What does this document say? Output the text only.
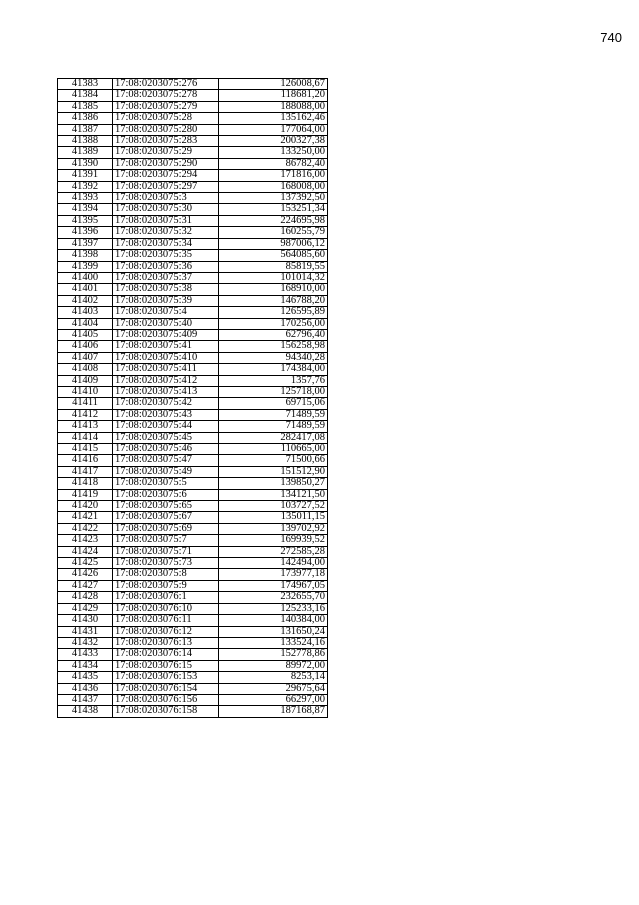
740
41383	17:08:0203075:276	126008,67
41384	17:08:0203075:278	118681,20
41385	17:08:0203075:279	188088,00
41386	17:08:0203075:28	135162,46
41387	17:08:0203075:280	177064,00
41388	17:08:0203075:283	200327,38
41389	17:08:0203075:29	133250,00
41390	17:08:0203075:290	86782,40
41391	17:08:0203075:294	171816,00
41392	17:08:0203075:297	168008,00
41393	17:08:0203075:3	137392,50
41394	17:08:0203075:30	153251,34
41395	17:08:0203075:31	224695,98
41396	17:08:0203075:32	160255,79
41397	17:08:0203075:34	987006,12
41398	17:08:0203075:35	564085,60
41399	17:08:0203075:36	85819,55
41400	17:08:0203075:37	101014,32
41401	17:08:0203075:38	168910,00
41402	17:08:0203075:39	146788,20
41403	17:08:0203075:4	126595,89
41404	17:08:0203075:40	170256,00
41405	17:08:0203075:409	62796,40
41406	17:08:0203075:41	156258,98
41407	17:08:0203075:410	94340,28
41408	17:08:0203075:411	174384,00
41409	17:08:0203075:412	1357,76
41410	17:08:0203075:413	125718,00
41411	17:08:0203075:42	69715,06
41412	17:08:0203075:43	71489,59
41413	17:08:0203075:44	71489,59
41414	17:08:0203075:45	282417,08
41415	17:08:0203075:46	110665,00
41416	17:08:0203075:47	71500,66
41417	17:08:0203075:49	151512,90
41418	17:08:0203075:5	139850,27
41419	17:08:0203075:6	134121,50
41420	17:08:0203075:65	103727,52
41421	17:08:0203075:67	135011,15
41422	17:08:0203075:69	139702,92
41423	17:08:0203075:7	169939,52
41424	17:08:0203075:71	272585,28
41425	17:08:0203075:73	142494,00
41426	17:08:0203075:8	173977,18
41427	17:08:0203075:9	174967,05
41428	17:08:0203076:1	232655,70
41429	17:08:0203076:10	125233,16
41430	17:08:0203076:11	140384,00
41431	17:08:0203076:12	131650,24
41432	17:08:0203076:13	133524,16
41433	17:08:0203076:14	152778,86
41434	17:08:0203076:15	89972,00
41435	17:08:0203076:153	8253,14
41436	17:08:0203076:154	29675,64
41437	17:08:0203076:156	66297,00
41438	17:08:0203076:158	187168,87
